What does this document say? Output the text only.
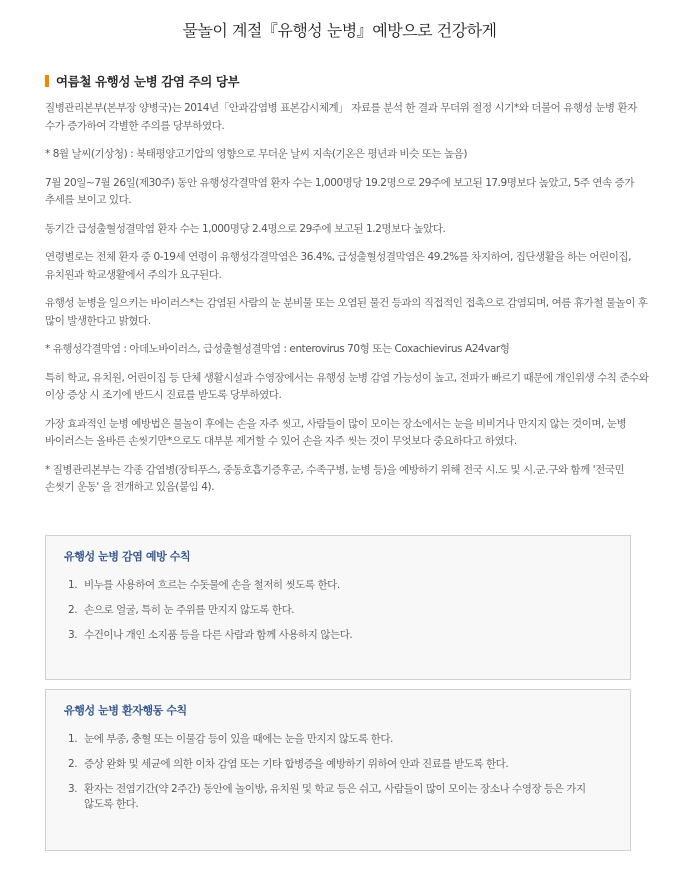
물놀이 계절『유행성 눈병』예방으로 건강하게
여름철 유행성 눈병 감염 주의 당부

질병관리본부(본부장 양병국)는 2014년「안과감염병 표본감시체계」 자료를 분석 한 결과 무더위 절정 시기*와 더불어 유행성 눈병 환자 수가 증가하여 각별한 주의를 당부하였다.

* 8월 날씨(기상청) : 북태평양고기압의 영향으로 무더운 날씨 지속(기온은 평년과 비슷 또는 높음)

7월 20일∼7월 26일(제30주) 동안 유행성각결막염 환자 수는 1,000명당 19.2명으로 29주에 보고된 17.9명보다 높았고, 5주 연속 증가 추세를 보이고 있다.

동기간 급성출혈성결막염 환자 수는 1,000명당 2.4명으로 29주에 보고된 1.2명보다 높았다.

연령별로는 전체 환자 중 0-19세 연령이 유행성각결막염은 36.4%, 급성출혈성결막염은 49.2%를 차지하여, 집단생활을 하는 어린이집, 유치원과 학교생활에서 주의가 요구된다.

유행성 눈병을 일으키는 바이러스*는 감염된 사람의 눈 분비물 또는 오염된 물건 등과의 직접적인 접촉으로 감염되며, 여름 휴가철 물놀이 후 많이 발생한다고 밝혔다.

* 유행성각결막염 : 아데노바이러스, 급성출혈성결막염 : enterovirus 70형 또는 Coxachievirus A24var형

특히 학교, 유치원, 어린이집 등 단체 생활시설과 수영장에서는 유행성 눈병 감염 가능성이 높고, 전파가 빠르기 때문에 개인위생 수칙 준수와 이상 증상 시 조기에 반드시 진료를 받도록 당부하였다.

가장 효과적인 눈병 예방법은 물놀이 후에는 손을 자주 씻고, 사람들이 많이 모이는 장소에서는 눈을 비비거나 만지지 않는 것이며, 눈병 바이러스는 올바른 손씻기만*으로도 대부분 제거할 수 있어 손을 자주 씻는 것이 무엇보다 중요하다고 하였다.

* 질병관리본부는 각종 감염병(장티푸스, 중동호흡기증후군, 수족구병, 눈병 등)을 예방하기 위해 전국 시.도 및 시.군.구와 함께 '전국민 손씻기 운동' 을 전개하고 있음(붙임 4).

유행성 눈병 감염 예방 수칙
1. 비누를 사용하여 흐르는 수돗물에 손을 철저히 씻도록 한다.
2. 손으로 얼굴, 특히 눈 주위를 만지지 않도록 한다.
3. 수건이나 개인 소지품 등을 다른 사람과 함께 사용하지 않는다.
유행성 눈병 환자행동 수칙
1. 눈에 부종, 충혈 또는 이물감 등이 있을 때에는 눈을 만지지 않도록 한다.
2. 증상 완화 및 세균에 의한 이차 감염 또는 기타 합병증을 예방하기 위하여 안과 진료를 받도록 한다.
3. 환자는 전염기간(약 2주간) 동안에 놀이방, 유치원 및 학교 등은 쉬고, 사람들이 많이 모이는 장소나 수영장 등은 가지 않도록 한다.
